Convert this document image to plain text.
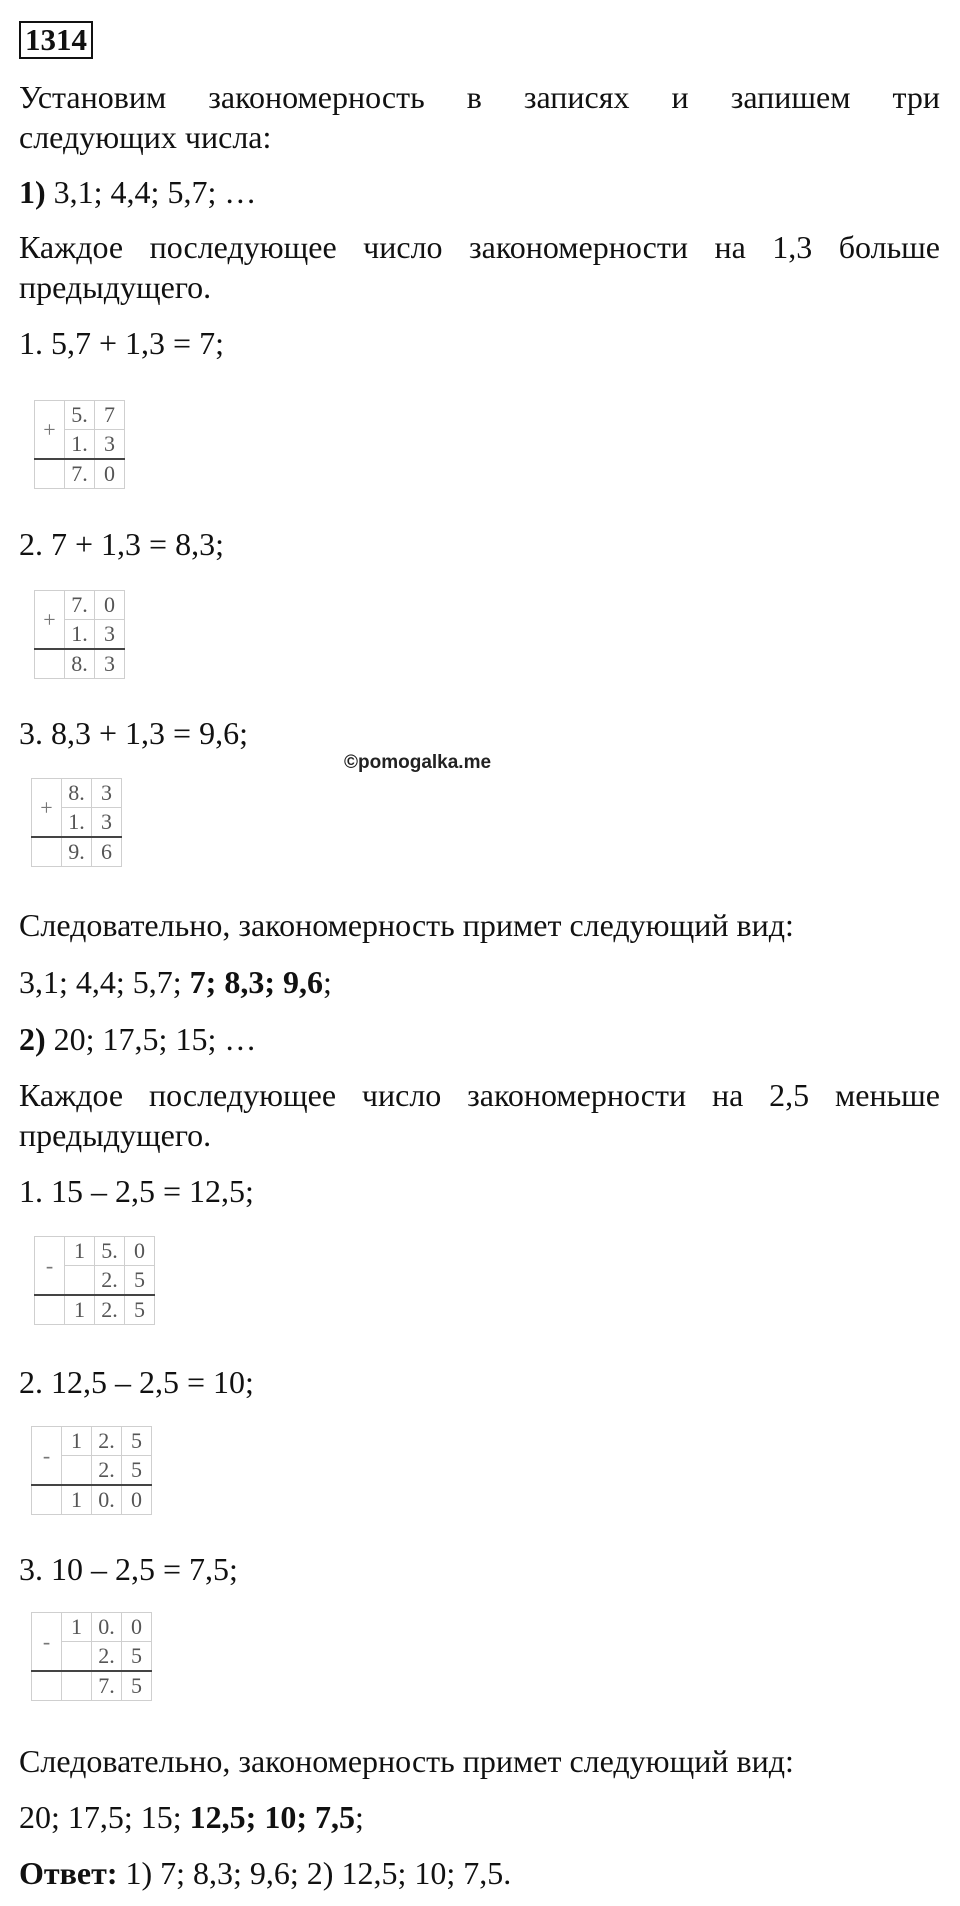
1314
Установим закономерность в записях и запишем три
следующих числа:
1) 3,1; 4,4; 5,7; …
Каждое последующее число закономерности на 1,3 больше
предыдущего.
1. 5,7 + 1,3 = 7;
+	5.	7
	1.	3
	7.	0
2. 7 + 1,3 = 8,3;
+	7.	0
	1.	3
	8.	3
3. 8,3 + 1,3 = 9,6;
©pomogalka.me
+	8.	3
	1.	3
	9.	6
Следовательно, закономерность примет следующий вид:
3,1; 4,4; 5,7; 7; 8,3; 9,6;
2) 20; 17,5; 15; …
Каждое последующее число закономерности на 2,5 меньше
предыдущего.
1. 15 – 2,5 = 12,5;
-	1	5.	0
		2.	5
	1	2.	5
2. 12,5 – 2,5 = 10;
-	1	2.	5
		2.	5
	1	0.	0
3. 10 – 2,5 = 7,5;
-	1	0.	0
		2.	5
		7.	5
Следовательно, закономерность примет следующий вид:
20; 17,5; 15; 12,5; 10; 7,5;
Ответ: 1) 7; 8,3; 9,6; 2) 12,5; 10; 7,5.
